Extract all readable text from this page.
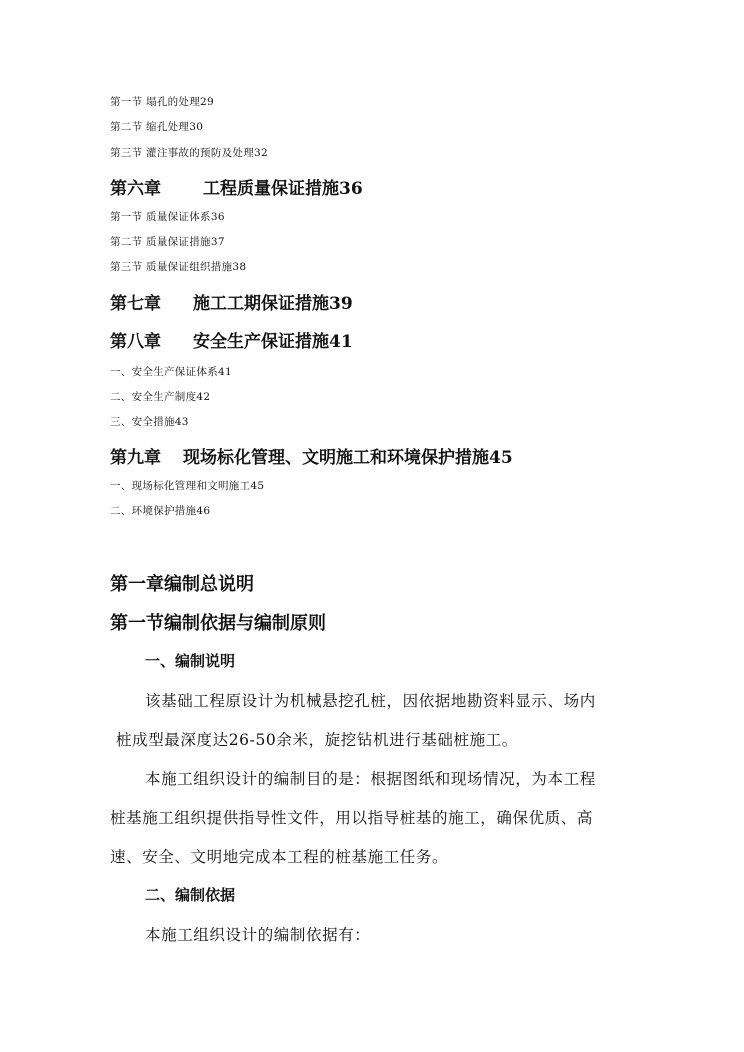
第一节 塌孔的处理29
第二节 缩孔处理30
第三节 灌注事故的预防及处理32
第六章 工程质量保证措施36
第一节 质量保证体系36
第二节 质量保证措施37
第三节 质量保证组织措施38
第七章 施工工期保证措施39
第八章 安全生产保证措施41
一、安全生产保证体系41
二、安全生产制度42
三、安全措施43
第九章 现场标化管理、文明施工和环境保护措施45
一、现场标化管理和文明施工45
二、环境保护措施46
第一章编制总说明
第一节编制依据与编制原则
一、编制说明
该基础工程原设计为机械悬挖孔桩，因依据地勘资料显示、场内
桩成型最深度达26-50余米，旋挖钻机进行基础桩施工。
本施工组织设计的编制目的是：根据图纸和现场情况，为本工程
桩基施工组织提供指导性文件，用以指导桩基的施工，确保优质、高
速、安全、文明地完成本工程的桩基施工任务。
二、编制依据
本施工组织设计的编制依据有：
